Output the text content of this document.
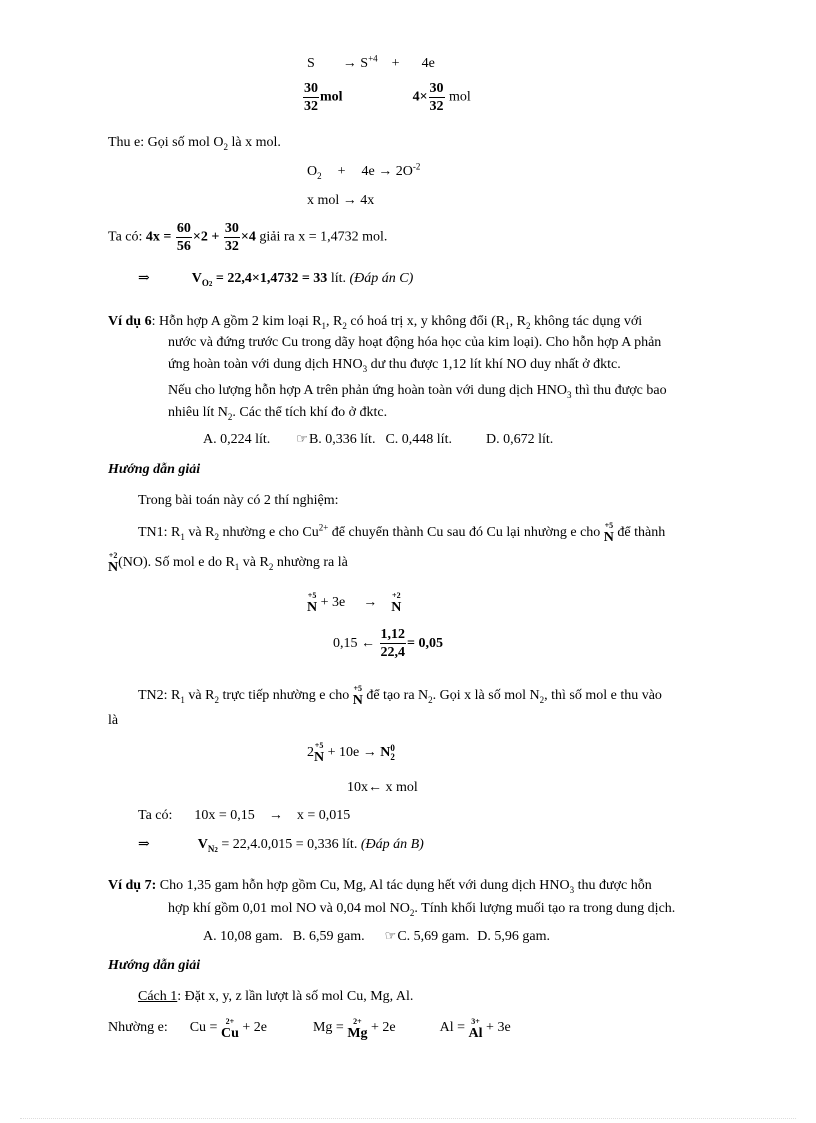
$S \to S^{+4} + 4e$
$\frac{30}{32}$ mol	$4\times \frac{30}{32}$ mol
Thu e: Gọi số mol $O_2$ là x mol.
$O_2 + 4e \to 2O^{-2}$
x mol → 4x
Ta có: $4x = \frac{60}{56} \times 2 + \frac{30}{32} \times 4$ giải ra x = 1,4732 mol.
⇒	$V_{O2} = 22,4\times 1,4732 = 33$ lít. (Đáp án C)
Ví dụ 6: Hỗn hợp A gồm 2 kim loại $R_1$, $R_2$ có hoá trị x, y không đổi ($R_1$, $R_2$ không tác dụng với
nước và đứng trước Cu trong dãy hoạt động hóa học của kim loại). Cho hỗn hợp A phản
ứng hoàn toàn với dung dịch $HNO_3$ dư thu được 1,12 lít khí NO duy nhất ở đktc.
Nếu cho lượng hỗn hợp A trên phản ứng hoàn toàn với dung dịch $HNO_3$ thì thu được bao
nhiêu lít $N_2$. Các thể tích khí đo ở đktc.
A. 0,224 lít. ☞B. 0,336 lít. C. 0,448 lít. D. 0,672 lít.
Hướng dẫn giải
Trong bài toán này có 2 thí nghiệm:
TN1: $R_1$ và $R_2$ nhường e cho $Cu^{2+}$ để chuyển thành Cu sau đó Cu lại nhường e cho +5
N để thành
+2
N (NO). Số mol e do $R_1$ và $R_2$ nhường ra là
+5
N + 3e → +2
N
0,15 ← $\frac{1,12}{22,4} = 0,05$
TN2: $R_1$ và $R_2$ trực tiếp nhường e cho +5
N để tạo ra $N_2$. Gọi x là số mol $N_2$, thì số mol e thu vào
là
2 +5
N + 10e → N 0
2
10x← x mol
Ta có: 10x = 0,15 → x = 0,015
⇒	$V_{N2} = 22,4.0,015 = 0,336$ lít. (Đáp án B)
Ví dụ 7: Cho 1,35 gam hỗn hợp gồm Cu, Mg, Al tác dụng hết với dung dịch $HNO_3$ thu được hỗn
hợp khí gồm 0,01 mol NO và 0,04 mol $NO_2$. Tính khối lượng muối tạo ra trong dung dịch.
A. 10,08 gam. B. 6,59 gam. ☞C. 5,69 gam. D. 5,96 gam.
Hướng dẫn giải
Cách 1: Đặt x, y, z lần lượt là số mol Cu, Mg, Al.
Nhường e: Cu = 2+
Cu + 2e	Mg = 2+
Mg + 2e	Al = 3+
Al + 3e
